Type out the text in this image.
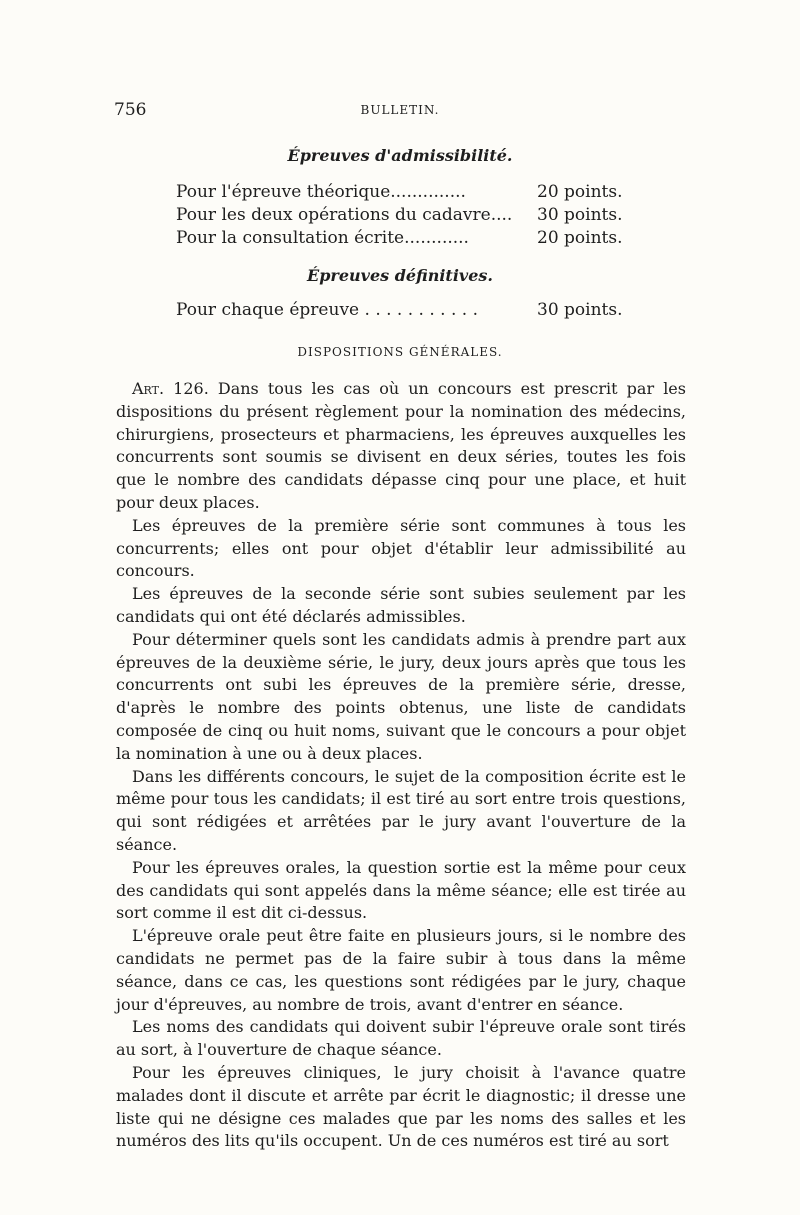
756	BULLETIN.
Épreuves d'admissibilité.
Pour l'épreuve théorique..............	20 points.
Pour les deux opérations du cadavre.... 30 points.
Pour la consultation écrite............	20 points.
Épreuves définitives.
Pour chaque épreuve . . . . . . . . . . .	30 points.
DISPOSITIONS GÉNÉRALES.

Art. 126. Dans tous les cas où un concours est prescrit par les dispositions du présent règlement pour la nomination des médecins, chirurgiens, prosecteurs et pharmaciens, les épreuves auxquelles les concurrents sont soumis se divisent en deux séries, toutes les fois que le nombre des candidats dépasse cinq pour une place, et huit pour deux places.

Les épreuves de la première série sont communes à tous les concurrents; elles ont pour objet d'établir leur admissibilité au concours.

Les épreuves de la seconde série sont subies seulement par les candidats qui ont été déclarés admissibles.

Pour déterminer quels sont les candidats admis à prendre part aux épreuves de la deuxième série, le jury, deux jours après que tous les concurrents ont subi les épreuves de la première série, dresse, d'après le nombre des points obtenus, une liste de candidats composée de cinq ou huit noms, suivant que le concours a pour objet la nomination à une ou à deux places.

Dans les différents concours, le sujet de la composition écrite est le même pour tous les candidats; il est tiré au sort entre trois questions, qui sont rédigées et arrêtées par le jury avant l'ouverture de la séance.

Pour les épreuves orales, la question sortie est la même pour ceux des candidats qui sont appelés dans la même séance; elle est tirée au sort comme il est dit ci-dessus.

L'épreuve orale peut être faite en plusieurs jours, si le nombre des candidats ne permet pas de la faire subir à tous dans la même séance, dans ce cas, les questions sont rédigées par le jury, chaque jour d'épreuves, au nombre de trois, avant d'entrer en séance.

Les noms des candidats qui doivent subir l'épreuve orale sont tirés au sort, à l'ouverture de chaque séance.

Pour les épreuves cliniques, le jury choisit à l'avance quatre malades dont il discute et arrête par écrit le diagnostic; il dresse une liste qui ne désigne ces malades que par les noms des salles et les numéros des lits qu'ils occupent. Un de ces numéros est tiré au sort
